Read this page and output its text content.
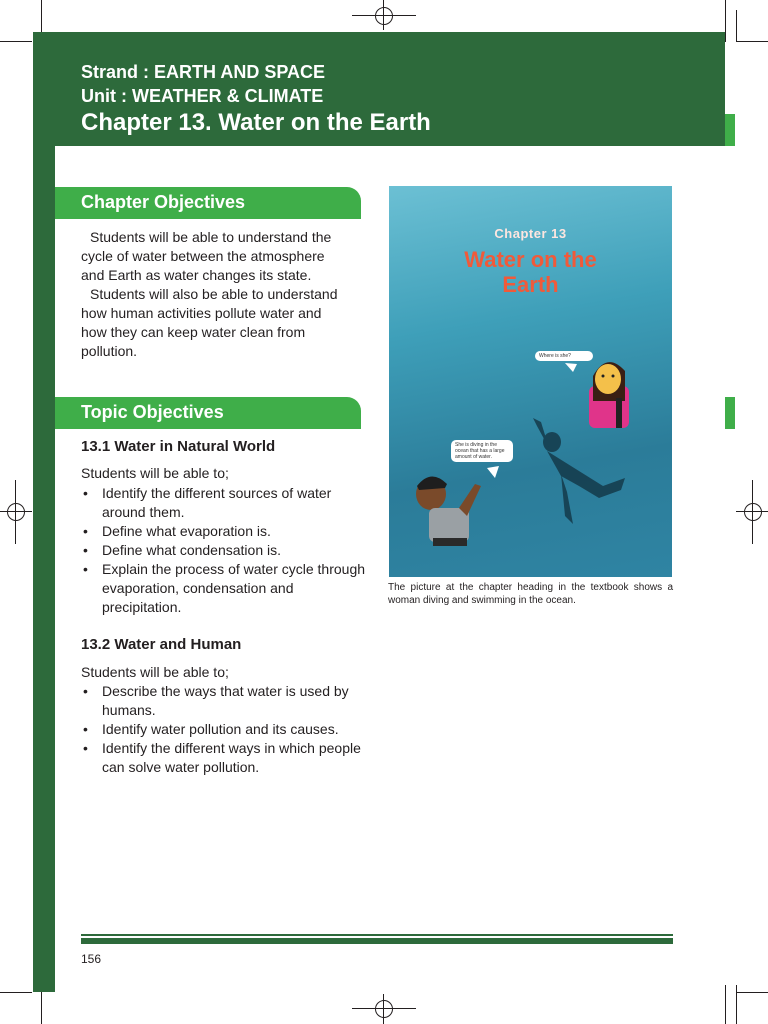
Strand : EARTH AND SPACE
Unit : WEATHER & CLIMATE
Chapter 13. Water on the Earth
Chapter Objectives
Students will be able to understand the
cycle of water between the atmosphere
and Earth as water changes its state.
Students will also be able to understand
how human activities pollute water and
how they can keep water clean from
pollution.
Topic Objectives
13.1 Water in Natural World
Students will be able to;
• Identify the different sources of water around them.
• Define what evaporation is.
• Define what condensation is.
• Explain the process of water cycle through evaporation, condensation and precipitation.
13.2 Water and Human
Students will be able to;
• Describe the ways that water is used by humans.
• Identify water pollution and its causes.
• Identify the different ways in which people can solve water pollution.
Chapter 13
Water on the
Earth
Where is she?
She is diving in the ocean that has a large amount of water.
The picture at the chapter heading in the textbook shows a woman diving and swimming in the ocean.
156
